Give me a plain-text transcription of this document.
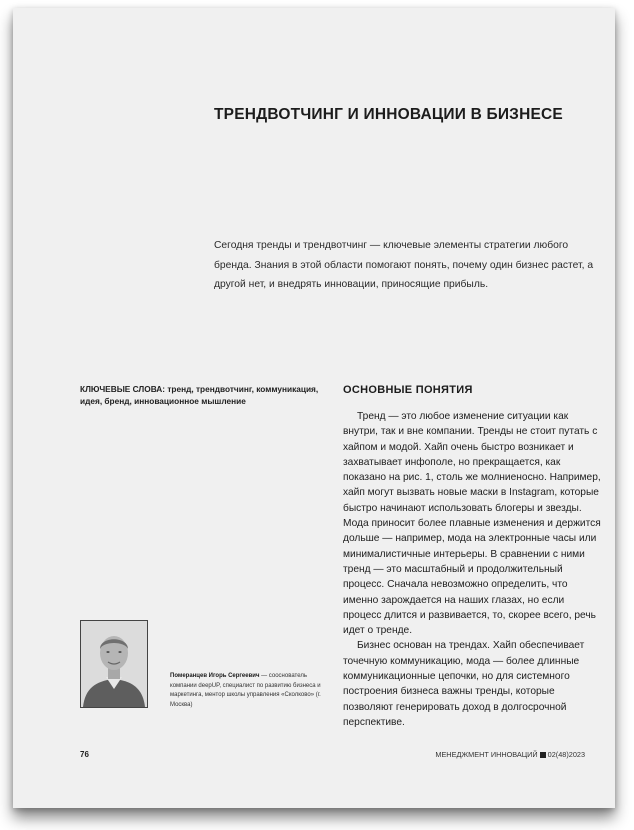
ТРЕНДВОТЧИНГ И ИННОВАЦИИ В БИЗНЕСЕ

Сегодня тренды и трендвотчинг — ключевые элементы стратегии любого бренда. Знания в этой области помогают понять, почему один бизнес растет, а другой нет, и внедрять инновации, приносящие прибыль.

КЛЮЧЕВЫЕ СЛОВА: тренд, трендвотчинг, коммуникация, идея, бренд, инновационное мышление

ОСНОВНЫЕ ПОНЯТИЯ

Тренд — это любое изменение ситуации как внутри, так и вне компании. Тренды не стоит путать с хайпом и модой. Хайп очень быстро возникает и захватывает инфополе, но прекращается, как показано на рис. 1, столь же молниеносно. Например, хайп могут вызвать новые маски в Instagram, которые быстро начинают использовать блогеры и звезды. Мода приносит более плавные изменения и держится дольше — например, мода на электронные часы или минималистичные интерьеры. В сравнении с ними тренд — это масштабный и продолжительный процесс. Сначала невозможно определить, что именно зарождается на наших глазах, но если процесс длится и развивается, то, скорее всего, речь идет о тренде.

Бизнес основан на трендах. Хайп обеспечивает точечную коммуникацию, мода — более длинные коммуникационные цепочки, но для системного построения бизнеса важны тренды, которые позволяют генерировать доход в долгосрочной перспективе.

Померанцев Игорь Сергеевич — сооснователь компании deepUP, специалист по развитию бизнеса и маркетинга, ментор школы управления «Сколково» (г. Москва)

76	МЕНЕДЖМЕНТ ИННОВАЦИЙ 02(48)2023
